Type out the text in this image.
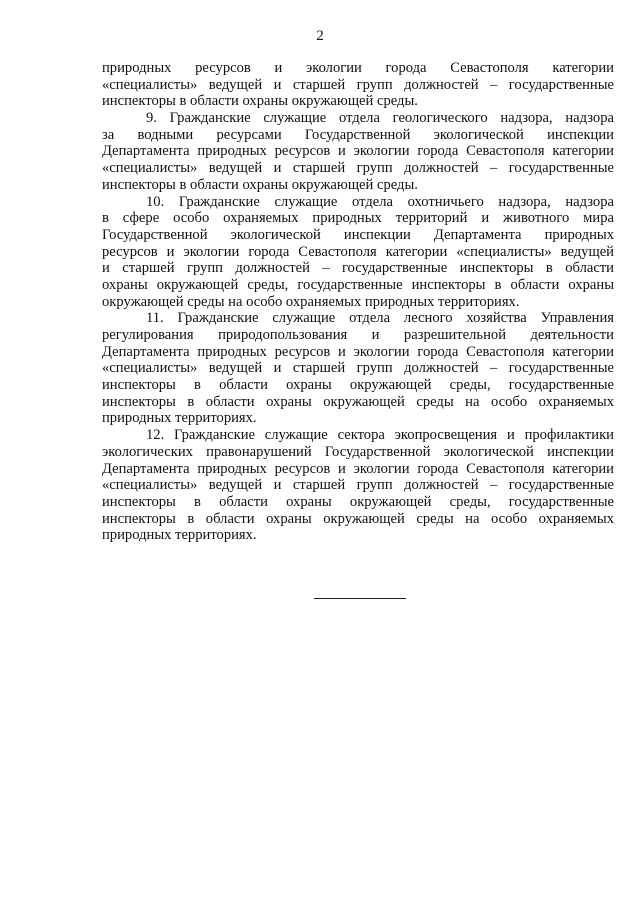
2
природных ресурсов и экологии города Севастополя категории
«специалисты» ведущей и старшей групп должностей – государственные
инспекторы в области охраны окружающей среды.
9. Гражданские служащие отдела геологического надзора, надзора
за водными ресурсами Государственной экологической инспекции
Департамента природных ресурсов и экологии города Севастополя категории
«специалисты» ведущей и старшей групп должностей – государственные
инспекторы в области охраны окружающей среды.
10. Гражданские служащие отдела охотничьего надзора, надзора
в сфере особо охраняемых природных территорий и животного мира
Государственной экологической инспекции Департамента природных
ресурсов и экологии города Севастополя категории «специалисты» ведущей
и старшей групп должностей – государственные инспекторы в области
охраны окружающей среды, государственные инспекторы в области охраны
окружающей среды на особо охраняемых природных территориях.
11. Гражданские служащие отдела лесного хозяйства Управления
регулирования природопользования и разрешительной деятельности
Департамента природных ресурсов и экологии города Севастополя категории
«специалисты» ведущей и старшей групп должностей – государственные
инспекторы в области охраны окружающей среды, государственные
инспекторы в области охраны окружающей среды на особо охраняемых
природных территориях.
12. Гражданские служащие сектора экопросвещения и профилактики
экологических правонарушений Государственной экологической инспекции
Департамента природных ресурсов и экологии города Севастополя категории
«специалисты» ведущей и старшей групп должностей – государственные
инспекторы в области охраны окружающей среды, государственные
инспекторы в области охраны окружающей среды на особо охраняемых
природных территориях.
